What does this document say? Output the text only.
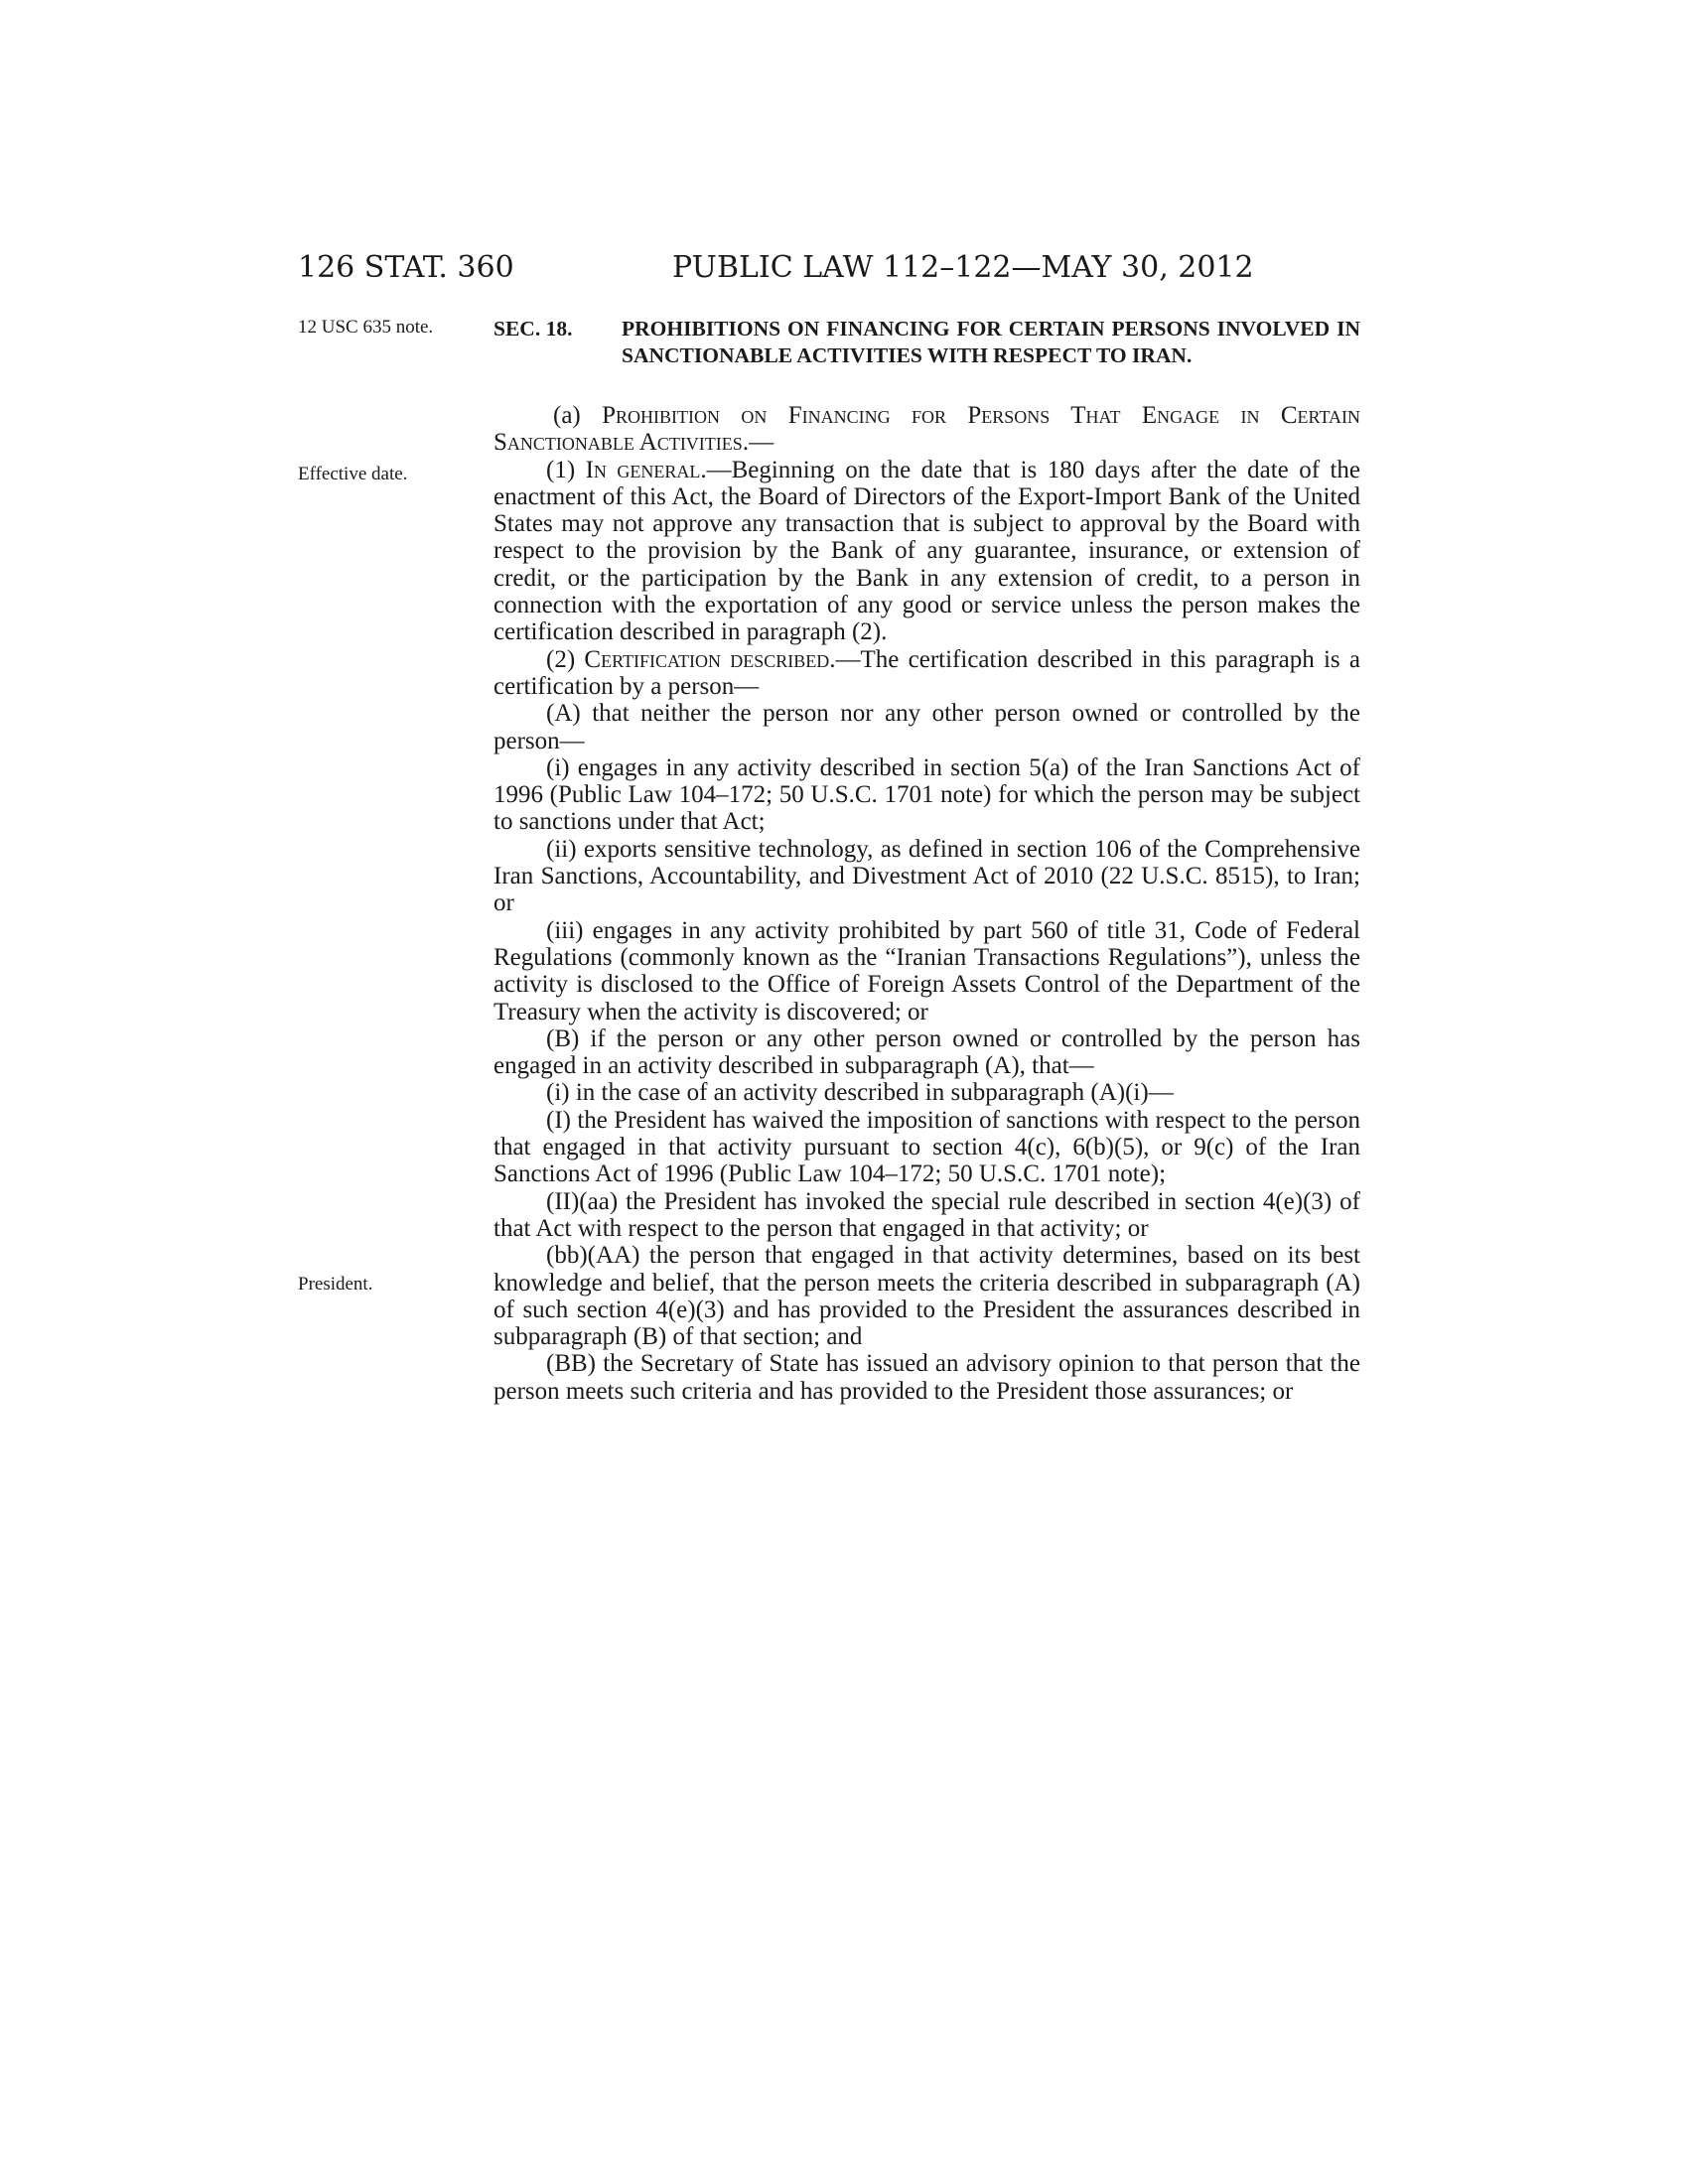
126 STAT. 360	PUBLIC LAW 112–122—MAY 30, 2012
12 USC 635 note.
Effective date.
President.
SEC. 18. PROHIBITIONS ON FINANCING FOR CERTAIN PERSONS INVOLVED IN SANCTIONABLE ACTIVITIES WITH RESPECT TO IRAN.

(a) Prohibition on Financing for Persons That Engage in Certain Sanctionable Activities.—

(1) In general.—Beginning on the date that is 180 days after the date of the enactment of this Act, the Board of Directors of the Export-Import Bank of the United States may not approve any transaction that is subject to approval by the Board with respect to the provision by the Bank of any guarantee, insurance, or extension of credit, or the participation by the Bank in any extension of credit, to a person in connection with the exportation of any good or service unless the person makes the certification described in paragraph (2).

(2) Certification described.—The certification described in this paragraph is a certification by a person—

(A) that neither the person nor any other person owned or controlled by the person—

(i) engages in any activity described in section 5(a) of the Iran Sanctions Act of 1996 (Public Law 104–172; 50 U.S.C. 1701 note) for which the person may be subject to sanctions under that Act;

(ii) exports sensitive technology, as defined in section 106 of the Comprehensive Iran Sanctions, Accountability, and Divestment Act of 2010 (22 U.S.C. 8515), to Iran; or

(iii) engages in any activity prohibited by part 560 of title 31, Code of Federal Regulations (commonly known as the “Iranian Transactions Regulations”), unless the activity is disclosed to the Office of Foreign Assets Control of the Department of the Treasury when the activity is discovered; or

(B) if the person or any other person owned or controlled by the person has engaged in an activity described in subparagraph (A), that—

(i) in the case of an activity described in subparagraph (A)(i)—

(I) the President has waived the imposition of sanctions with respect to the person that engaged in that activity pursuant to section 4(c), 6(b)(5), or 9(c) of the Iran Sanctions Act of 1996 (Public Law 104–172; 50 U.S.C. 1701 note);

(II)(aa) the President has invoked the special rule described in section 4(e)(3) of that Act with respect to the person that engaged in that activity; or

(bb)(AA) the person that engaged in that activity determines, based on its best knowledge and belief, that the person meets the criteria described in subparagraph (A) of such section 4(e)(3) and has provided to the President the assurances described in subparagraph (B) of that section; and

(BB) the Secretary of State has issued an advisory opinion to that person that the person meets such criteria and has provided to the President those assurances; or
